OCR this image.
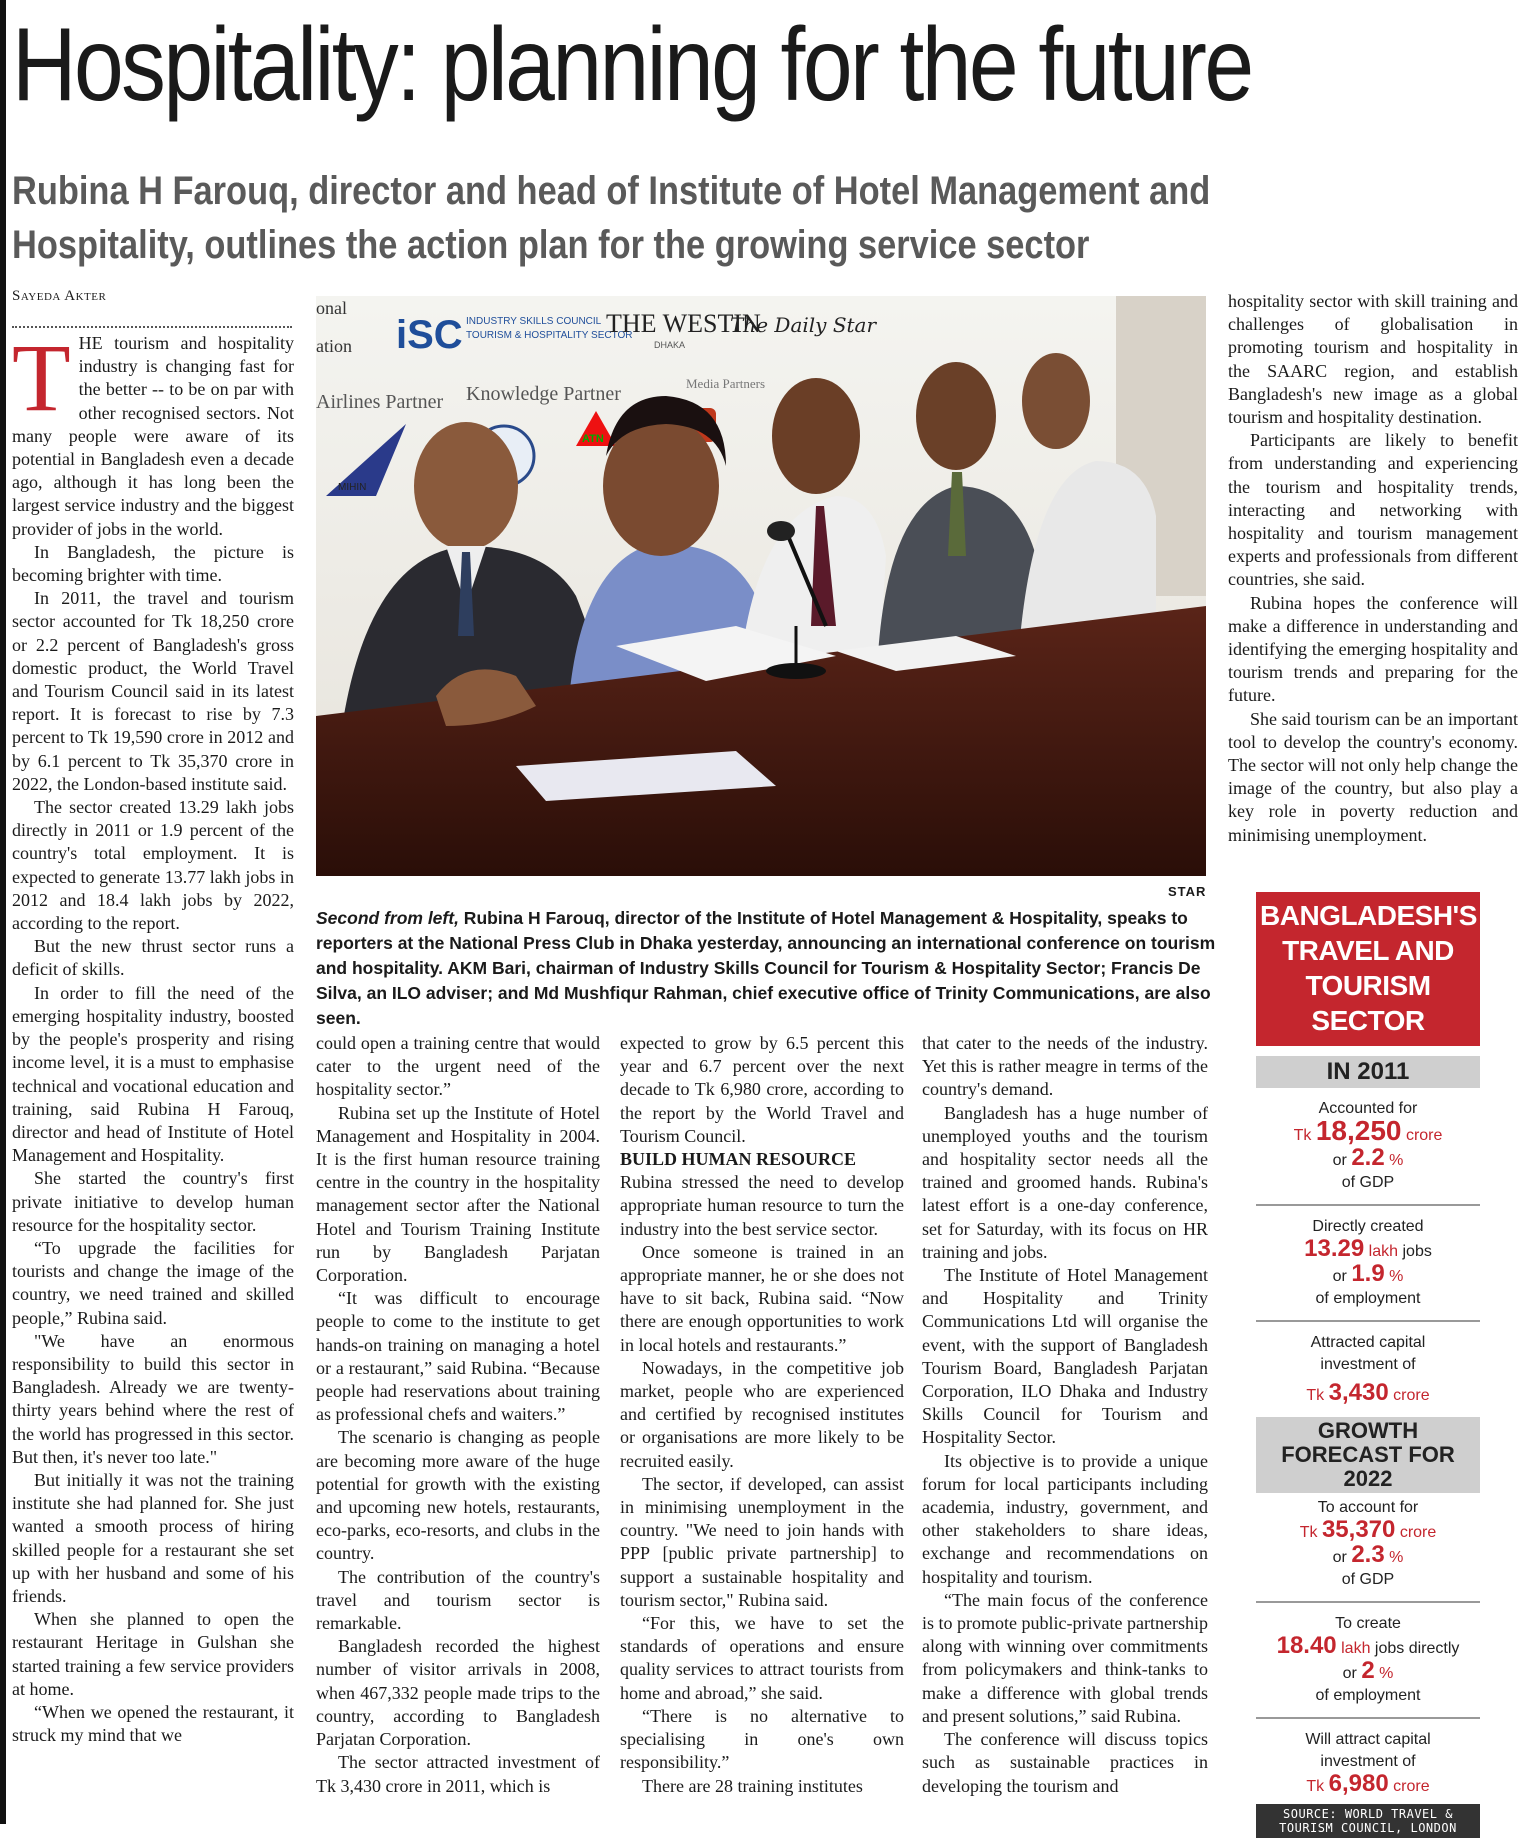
Hospitality: planning for the future
Rubina H Farouq, director and head of Institute of Hotel Management and Hospitality, outlines the action plan for the growing service sector
Sayeda Akter
T HE tourism and hospitality industry is changing fast for the better -- to be on par with other recognised sectors. Not many people were aware of its potential in Bangladesh even a decade ago, although it has long been the largest service industry and the biggest provider of jobs in the world.

In Bangladesh, the picture is becoming brighter with time.

In 2011, the travel and tourism sector accounted for Tk 18,250 crore or 2.2 percent of Bangladesh's gross domestic product, the World Travel and Tourism Council said in its latest report. It is forecast to rise by 7.3 percent to Tk 19,590 crore in 2012 and by 6.1 percent to Tk 35,370 crore in 2022, the London-based institute said.

The sector created 13.29 lakh jobs directly in 2011 or 1.9 percent of the country's total employment. It is expected to generate 13.77 lakh jobs in 2012 and 18.4 lakh jobs by 2022, according to the report.

But the new thrust sector runs a deficit of skills.

In order to fill the need of the emerging hospitality industry, boosted by the people's prosperity and rising income level, it is a must to emphasise technical and vocational education and training, said Rubina H Farouq, director and head of Institute of Hotel Management and Hospitality.

She started the country's first private initiative to develop human resource for the hospitality sector.

“To upgrade the facilities for tourists and change the image of the country, we need trained and skilled people,” Rubina said.

"We have an enormous responsibility to build this sector in Bangladesh. Already we are twenty-thirty years behind where the rest of the world has progressed in this sector. But then, it's never too late."

But initially it was not the training institute she had planned for. She just wanted a smooth process of hiring skilled people for a restaurant she set up with her husband and some of his friends.

When she planned to open the restaurant Heritage in Gulshan she started training a few service providers at home.

“When we opened the restaurant, it struck my mind that we

onal
ation iSC INDUSTRY SKILLS COUNCIL
TOURISM & HOSPITALITY SECTOR
THE WESTIN
DHAKA
The Daily Star
Airlines Partner Knowledge Partner	Media Partners
MIHIN
ATN
STAR
Second from left, Rubina H Farouq, director of the Institute of Hotel Management & Hospitality, speaks to reporters at the National Press Club in Dhaka yesterday, announcing an international conference on tourism and hospitality. AKM Bari, chairman of Industry Skills Council for Tourism & Hospitality Sector; Francis De Silva, an ILO adviser; and Md Mushfiqur Rahman, chief executive office of Trinity Communications, are also seen.

could open a training centre that would cater to the urgent need of the hospitality sector.”

Rubina set up the Institute of Hotel Management and Hospitality in 2004. It is the first human resource training centre in the country in the hospitality management sector after the National Hotel and Tourism Training Institute run by Bangladesh Parjatan Corporation.

“It was difficult to encourage people to come to the institute to get hands-on training on managing a hotel or a restaurant,” said Rubina. “Because people had reservations about training as professional chefs and waiters.”

The scenario is changing as people are becoming more aware of the huge potential for growth with the existing and upcoming new hotels, restaurants, eco-parks, eco-resorts, and clubs in the country.

The contribution of the country's travel and tourism sector is remarkable.

Bangladesh recorded the highest number of visitor arrivals in 2008, when 467,332 people made trips to the country, according to Bangladesh Parjatan Corporation.

The sector attracted investment of Tk 3,430 crore in 2011, which is

expected to grow by 6.5 percent this year and 6.7 percent over the next decade to Tk 6,980 crore, according to the report by the World Travel and Tourism Council.

BUILD HUMAN RESOURCE

Rubina stressed the need to develop appropriate human resource to turn the industry into the best service sector.

Once someone is trained in an appropriate manner, he or she does not have to sit back, Rubina said. “Now there are enough opportunities to work in local hotels and restaurants.”

Nowadays, in the competitive job market, people who are experienced and certified by recognised institutes or organisations are more likely to be recruited easily.

The sector, if developed, can assist in minimising unemployment in the country. "We need to join hands with PPP [public private partnership] to support a sustainable hospitality and tourism sector," Rubina said.

“For this, we have to set the standards of operations and ensure quality services to attract tourists from home and abroad,” she said.

“There is no alternative to specialising in one's own responsibility.”

There are 28 training institutes

that cater to the needs of the industry. Yet this is rather meagre in terms of the country's demand.

Bangladesh has a huge number of unemployed youths and the tourism and hospitality sector needs all the trained and groomed hands. Rubina's latest effort is a one-day conference, set for Saturday, with its focus on HR training and jobs.

The Institute of Hotel Management and Hospitality and Trinity Communications Ltd will organise the event, with the support of Bangladesh Tourism Board, Bangladesh Parjatan Corporation, ILO Dhaka and Industry Skills Council for Tourism and Hospitality Sector.

Its objective is to provide a unique forum for local participants including academia, industry, government, and other stakeholders to share ideas, exchange and recommendations on hospitality and tourism.

“The main focus of the conference is to promote public-private partnership along with winning over commitments from policymakers and think-tanks to make a difference with global trends and present solutions,” said Rubina.

The conference will discuss topics such as sustainable practices in developing the tourism and

hospitality sector with skill training and challenges of globalisation in promoting tourism and hospitality in the SAARC region, and establish Bangladesh's new image as a global tourism and hospitality destination.

Participants are likely to benefit from understanding and experiencing the tourism and hospitality trends, interacting and networking with hospitality and tourism management experts and professionals from different countries, she said.

Rubina hopes the conference will make a difference in understanding and identifying the emerging hospitality and tourism trends and preparing for the future.

She said tourism can be an important tool to develop the country's economy. The sector will not only help change the image of the country, but also play a key role in poverty reduction and minimising unemployment.

BANGLADESH'S TRAVEL AND TOURISM SECTOR
IN 2011
Accounted for
Tk 18,250 crore
or 2.2 %
of GDP
Directly created
13.29 lakh jobs
or 1.9 %
of employment
Attracted capital investment of
Tk 3,430 crore
GROWTH FORECAST FOR 2022
To account for
Tk 35,370 crore
or 2.3 %
of GDP
To create
18.40 lakh jobs directly
or 2 %
of employment
Will attract capital investment of
Tk 6,980 crore
SOURCE: WORLD TRAVEL & TOURISM COUNCIL, LONDON
